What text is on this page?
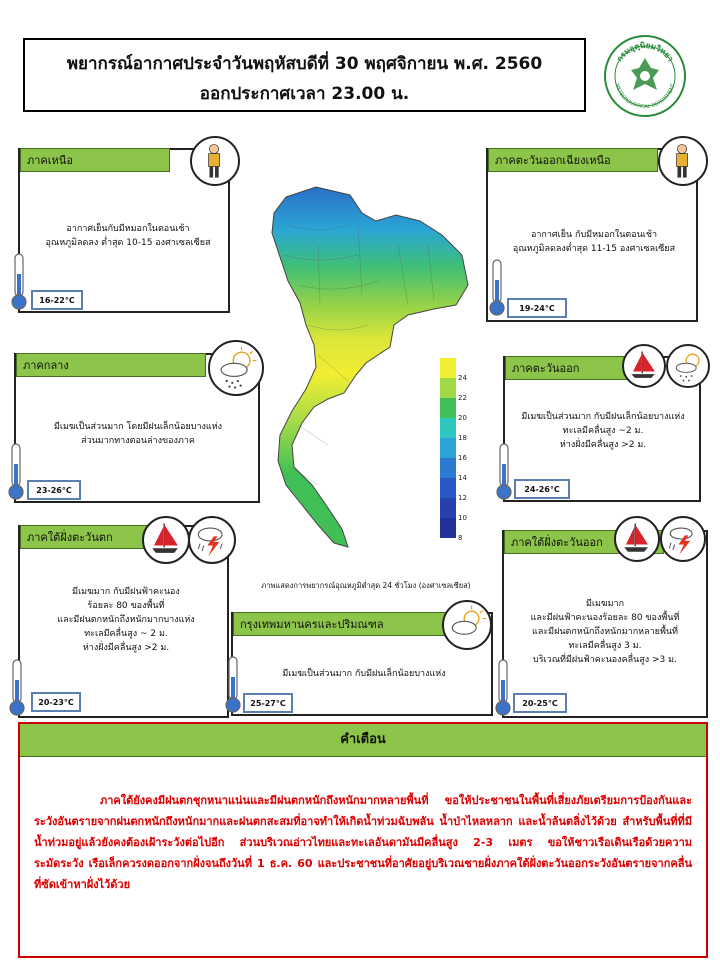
พยากรณ์อากาศประจำวันพฤหัสบดีที่ 30 พฤศจิกายน พ.ศ. 2560
ออกประกาศเวลา 23.00 น.
กรมอุตุนิยมวิทยา
METEOROLOGICAL DEPARTMENT
ภาคเหนือ
อากาศเย็นกับมีหมอกในตอนเช้า
อุณหภูมิลดลง ต่ำสุด 10-15 องศาเซลเซียส
16-22°C
ภาคตะวันออกเฉียงเหนือ
อากาศเย็น กับมีหมอกในตอนเช้า
อุณหภูมิลดลงต่ำสุด 11-15 องศาเซลเซียส
19-24°C
ภาคกลาง
มีเมฆเป็นส่วนมาก โดยมีฝนเล็กน้อยบางแห่ง
ส่วนมากทางตอนล่างของภาค
23-26°C
ภาคตะวันออก
มีเมฆเป็นส่วนมาก กับมีฝนเล็กน้อยบางแห่ง
ทะเลมีคลื่นสูง ~2 ม.
ห่างฝั่งมีคลื่นสูง >2 ม.
24-26°C
ภาคใต้ฝั่งตะวันตก
มีเมฆมาก กับมีฝนฟ้าคะนอง
ร้อยละ 80 ของพื้นที่
และมีฝนตกหนักถึงหนักมากบางแห่ง
ทะเลมีคลื่นสูง ~ 2 ม.
ห่างฝั่งมีคลื่นสูง >2 ม.
20-23°C
กรุงเทพมหานครและปริมณฑล
มีเมฆเป็นส่วนมาก กับมีฝนเล็กน้อยบางแห่ง
25-27°C
ภาคใต้ฝั่งตะวันออก
มีเมฆมาก
และมีฝนฟ้าคะนองร้อยละ 80 ของพื้นที่
และมีฝนตกหนักถึงหนักมากหลายพื้นที่
ทะเลมีคลื่นสูง 3 ม.
บริเวณที่มีฝนฟ้าคะนองคลื่นสูง >3 ม.
20-25°C
24
22
20
18
16
14
12
10
8
ภาพแสดงการพยากรณ์อุณหภูมิต่ำสุด 24 ชั่วโมง (องศาเซลเซียส)
คำเตือน
ภาคใต้ยังคงมีฝนตกชุกหนาแน่นและมีฝนตกหนักถึงหนักมากหลายพื้นที่ ขอให้ประชาชนในพื้นที่เสี่ยงภัยเตรียมการป้องกันและระวังอันตรายจากฝนตกหนักถึงหนักมากและฝนตกสะสมที่อาจทำให้เกิดน้ำท่วมฉับพลัน น้ำป่าไหลหลาก และน้ำล้นตลิ่งไว้ด้วย สำหรับพื้นที่ที่มีน้ำท่วมอยู่แล้วยังคงต้องเฝ้าระวังต่อไปอีก ส่วนบริเวณอ่าวไทยและทะเลอันดามันมีคลื่นสูง 2-3 เมตร ขอให้ชาวเรือเดินเรือด้วยความระมัดระวัง เรือเล็กควรงดออกจากฝั่งจนถึงวันที่ 1 ธ.ค. 60 และประชาชนที่อาศัยอยู่บริเวณชายฝั่งภาคใต้ฝั่งตะวันออกระวังอันตรายจากคลื่นที่ซัดเข้าหาฝั่งไว้ด้วย
